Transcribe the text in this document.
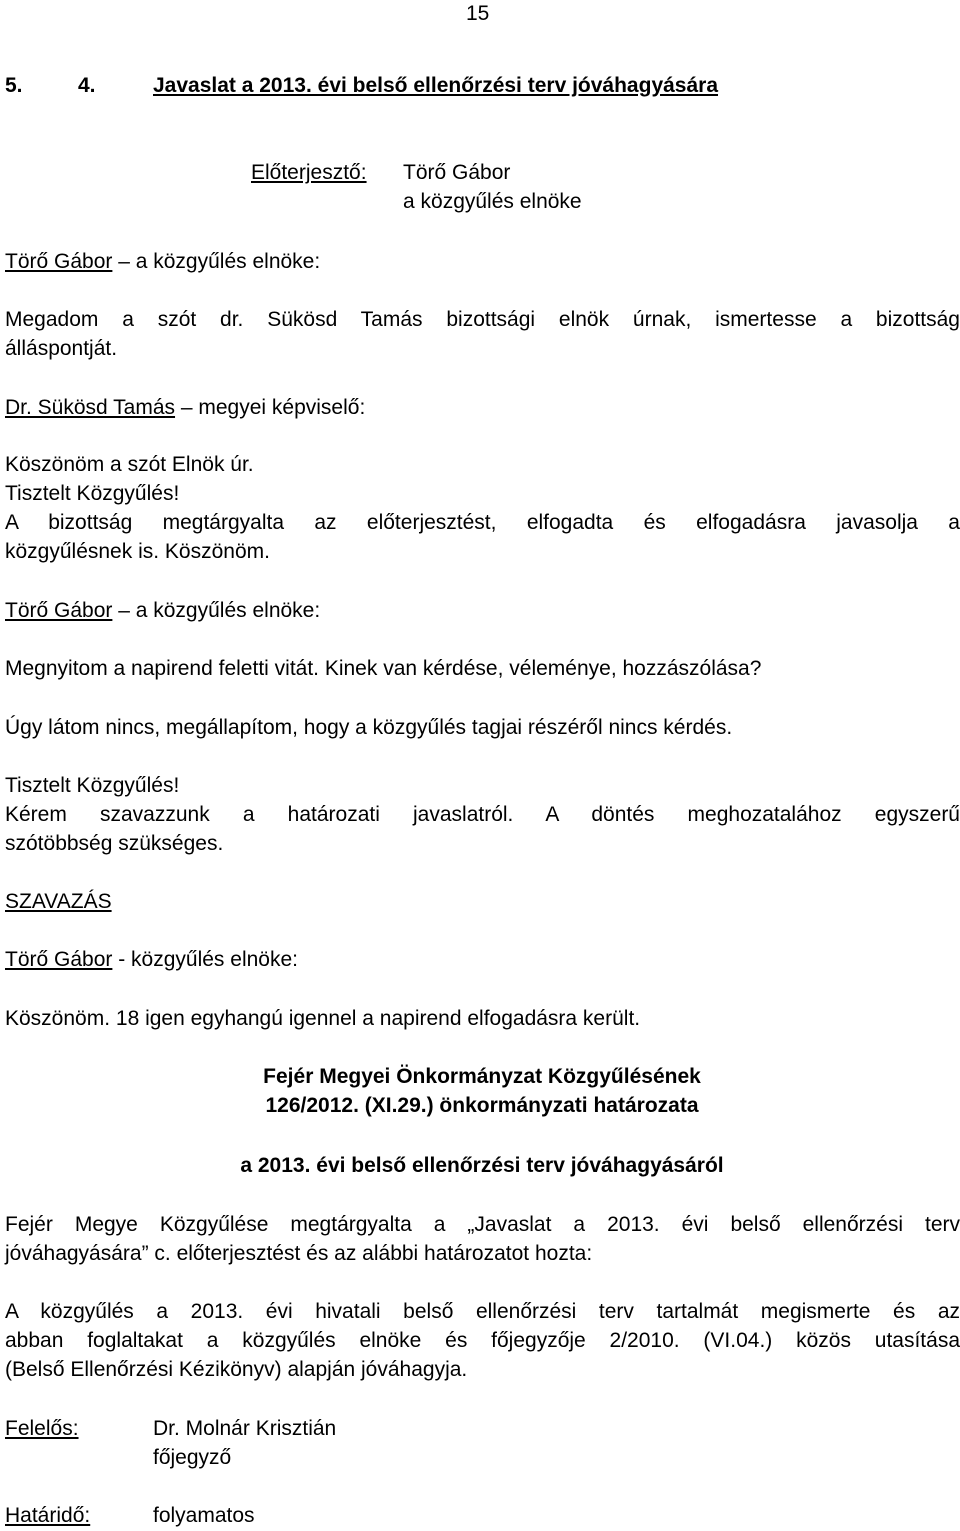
15
5.	4.	Javaslat a 2013. évi belső ellenőrzési terv jóváhagyására
Előterjesztő: Törő Gábor
a közgyűlés elnöke
Törő Gábor – a közgyűlés elnöke:
Megadom a szót dr. Sükösd Tamás bizottsági elnök úrnak, ismertesse a bizottság
álláspontját.
Dr. Sükösd Tamás – megyei képviselő:
Köszönöm a szót Elnök úr.
Tisztelt Közgyűlés!
A bizottság megtárgyalta az előterjesztést, elfogadta és elfogadásra javasolja a
közgyűlésnek is. Köszönöm.
Törő Gábor – a közgyűlés elnöke:
Megnyitom a napirend feletti vitát. Kinek van kérdése, véleménye, hozzászólása?
Úgy látom nincs, megállapítom, hogy a közgyűlés tagjai részéről nincs kérdés.
Tisztelt Közgyűlés!
Kérem szavazzunk a határozati javaslatról. A döntés meghozatalához egyszerű
szótöbbség szükséges.
SZAVAZÁS
Törő Gábor - közgyűlés elnöke:
Köszönöm. 18 igen egyhangú igennel a napirend elfogadásra került.
Fejér Megyei Önkormányzat Közgyűlésének
126/2012. (XI.29.) önkormányzati határozata
a 2013. évi belső ellenőrzési terv jóváhagyásáról
Fejér Megye Közgyűlése megtárgyalta a „Javaslat a 2013. évi belső ellenőrzési terv
jóváhagyására” c. előterjesztést és az alábbi határozatot hozta:
A közgyűlés a 2013. évi hivatali belső ellenőrzési terv tartalmát megismerte és az
abban foglaltakat a közgyűlés elnöke és főjegyzője 2/2010. (VI.04.) közös utasítása
(Belső Ellenőrzési Kézikönyv) alapján jóváhagyja.
Felelős:	Dr. Molnár Krisztián
főjegyző
Határidő:	folyamatos
